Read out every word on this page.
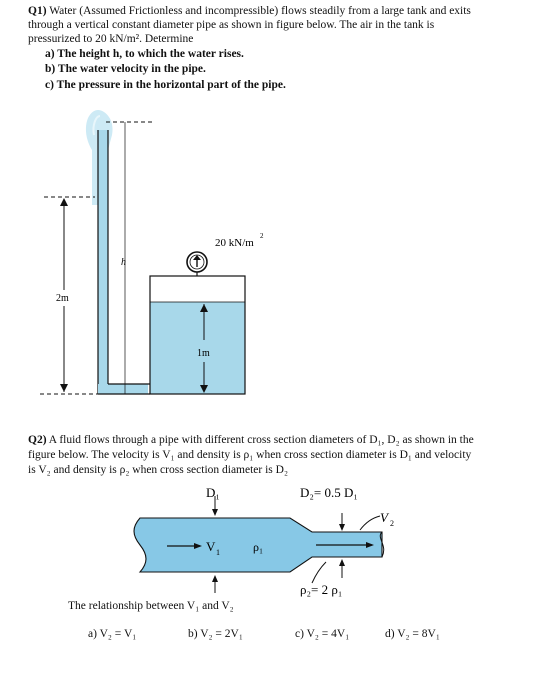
Q1) Water (Assumed Frictionless and incompressible) flows steadily from a large tank and exits
through a vertical constant diameter pipe as shown in figure below. The air in the tank is
pressurized to 20 kN/m². Determine
a) The height h, to which the water rises.
b) The water velocity in the pipe.
c) The pressure in the horizontal part of the pipe.
20 kN/m
2
h
2m
1m
Q2) A fluid flows through a pipe with different cross section diameters of D₁, D₂ as shown in the
figure below. The velocity is V₁ and density is ρ₁ when cross section diameter is D₁ and velocity
is V₂ and density is ρ₂ when cross section diameter is D₂
D₁	D₂= 0.5 D₁
V 1	ρ₁
V 2
ρ₂= 2 ρ₁
The relationship between V₁ and V₂
a) V₂ = V₁	b) V₂ = 2V₁	c) V₂ = 4V₁	d) V₂ = 8V₁
